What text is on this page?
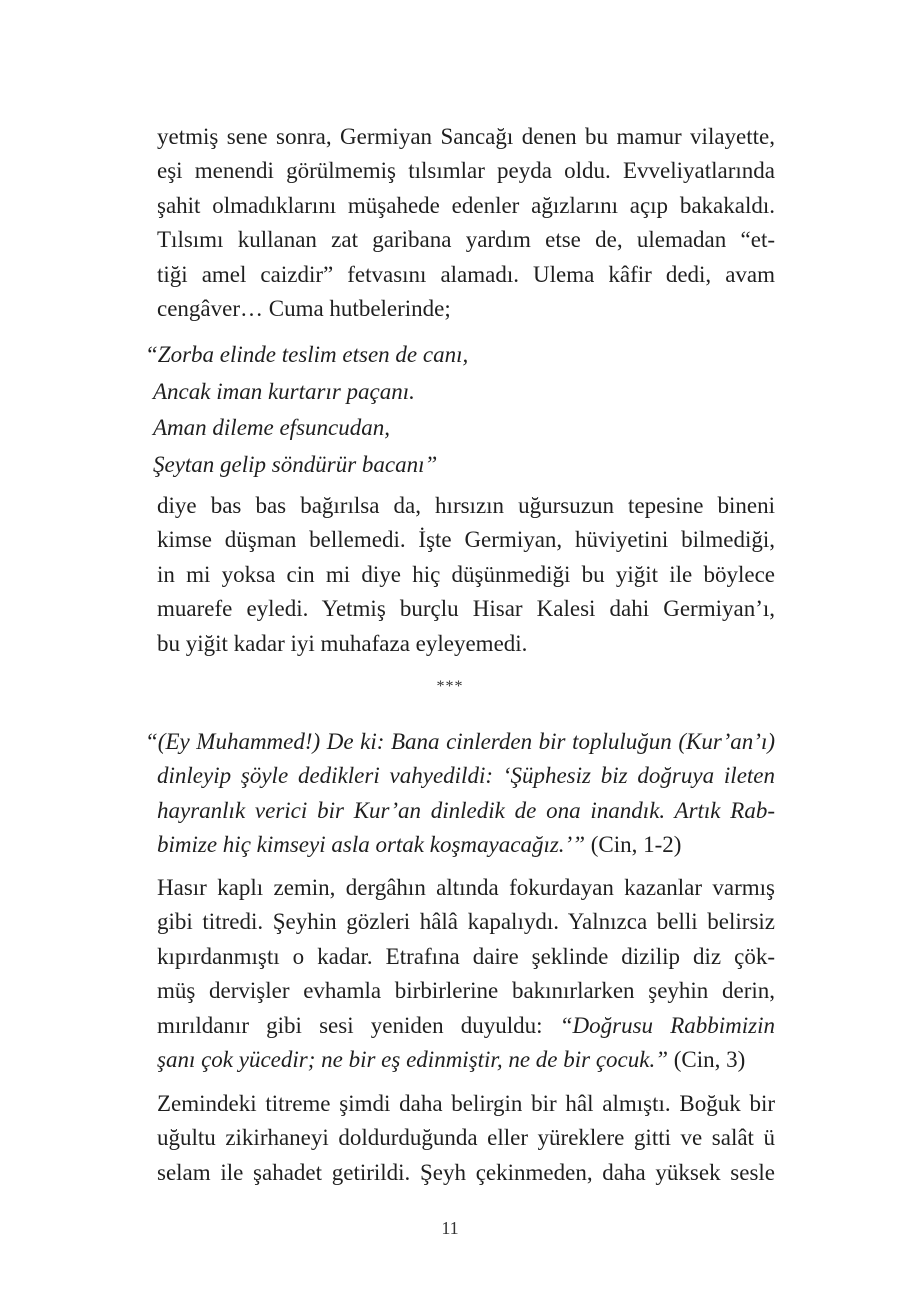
yetmiş sene sonra, Germiyan Sancağı denen bu mamur vilayette,
eşi menendi görülmemiş tılsımlar peyda oldu. Evveliyatlarında
şahit olmadıklarını müşahede edenler ağızlarını açıp bakakaldı.
Tılsımı kullanan zat garibana yardım etse de, ulemadan “et-
tiği amel caizdir” fetvasını alamadı. Ulema kâfir dedi, avam
cengâver… Cuma hutbelerinde;

“Zorba elinde teslim etsen de canı,
Ancak iman kurtarır paçanı.
Aman dileme efsuncudan,
Şeytan gelip söndürür bacanı”

diye bas bas bağırılsa da, hırsızın uğursuzun tepesine bineni
kimse düşman bellemedi. İşte Germiyan, hüviyetini bilmediği,
in mi yoksa cin mi diye hiç düşünmediği bu yiğit ile böylece
muarefe eyledi. Yetmiş burçlu Hisar Kalesi dahi Germiyan’ı,
bu yiğit kadar iyi muhafaza eyleyemedi.

***

“(Ey Muhammed!) De ki: Bana cinlerden bir topluluğun (Kur’an’ı)
dinleyip şöyle dedikleri vahyedildi: ‘Şüphesiz biz doğruya ileten
hayranlık verici bir Kur’an dinledik de ona inandık. Artık Rab-
bimize hiç kimseyi asla ortak koşmayacağız.’” (Cin, 1-2)

Hasır kaplı zemin, dergâhın altında fokurdayan kazanlar varmış
gibi titredi. Şeyhin gözleri hâlâ kapalıydı. Yalnızca belli belirsiz
kıpırdanmıştı o kadar. Etrafına daire şeklinde dizilip diz çök-
müş dervişler evhamla birbirlerine bakınırlarken şeyhin derin,
mırıldanır gibi sesi yeniden duyuldu: “Doğrusu Rabbimizin
şanı çok yücedir; ne bir eş edinmiştir, ne de bir çocuk.” (Cin, 3)

Zemindeki titreme şimdi daha belirgin bir hâl almıştı. Boğuk bir
uğultu zikirhaneyi doldurduğunda eller yüreklere gitti ve salât ü
selam ile şahadet getirildi. Şeyh çekinmeden, daha yüksek sesle

11
